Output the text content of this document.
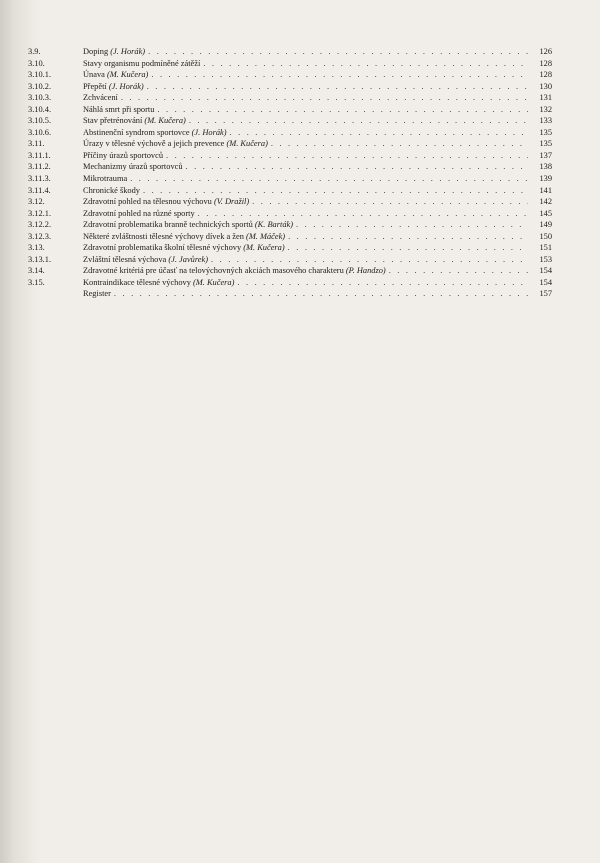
3.9.	Doping (J. Horák) . . .	126
3.10.	Stavy organismu podmíněné zátěží . . .	128
3.10.1.	Únava (M. Kučera) . . .	128
3.10.2.	Přepětí (J. Horák) . . .	130
3.10.3.	Zchvácení . . .	131
3.10.4.	Náhlá smrt při sportu . . .	132
3.10.5.	Stav přetrénování (M. Kučera) . . .	133
3.10.6.	Abstinenční syndrom sportovce (J. Horák) . . .	135
3.11.	Úrazy v tělesné výchově a jejich prevence (M. Kučera) . . .	135
3.11.1.	Příčiny úrazů sportovců . . .	137
3.11.2.	Mechanizmy úrazů sportovců . . .	138
3.11.3.	Mikrotrauma . . .	139
3.11.4.	Chronické škody . . .	141
3.12.	Zdravotní pohled na tělesnou výchovu (V. Dražil) . . .	142
3.12.1.	Zdravotní pohled na různé sporty . . .	145
3.12.2.	Zdravotní problematika branně technických sportů (K. Barták) . . .	149
3.12.3.	Některé zvláštnosti tělesné výchovy dívek a žen (M. Máček) . . .	150
3.13.	Zdravotní problematika školní tělesné výchovy (M. Kučera) . . .	151
3.13.1.	Zvláštní tělesná výchova (J. Javůrek) . . .	153
3.14.	Zdravotné kritériá pre účasť na telovýchovných akciách masového charakteru (P. Handzo) . . .	154
3.15.	Kontraindikace tělesné výchovy (M. Kučera) . . .	154
Register . . .	157
